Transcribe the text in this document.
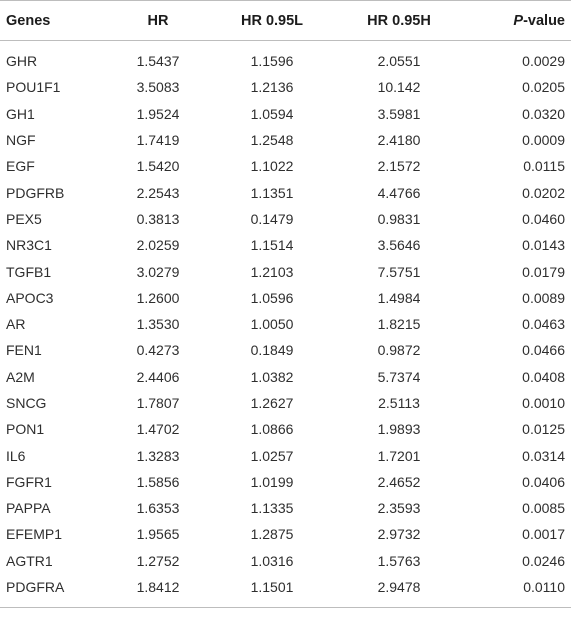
Genes	HR	HR 0.95L	HR 0.95H	P-value
GHR	1.5437	1.1596	2.0551	0.0029
POU1F1	3.5083	1.2136	10.142	0.0205
GH1	1.9524	1.0594	3.5981	0.0320
NGF	1.7419	1.2548	2.4180	0.0009
EGF	1.5420	1.1022	2.1572	0.0115
PDGFRB	2.2543	1.1351	4.4766	0.0202
PEX5	0.3813	0.1479	0.9831	0.0460
NR3C1	2.0259	1.1514	3.5646	0.0143
TGFB1	3.0279	1.2103	7.5751	0.0179
APOC3	1.2600	1.0596	1.4984	0.0089
AR	1.3530	1.0050	1.8215	0.0463
FEN1	0.4273	0.1849	0.9872	0.0466
A2M	2.4406	1.0382	5.7374	0.0408
SNCG	1.7807	1.2627	2.5113	0.0010
PON1	1.4702	1.0866	1.9893	0.0125
IL6	1.3283	1.0257	1.7201	0.0314
FGFR1	1.5856	1.0199	2.4652	0.0406
PAPPA	1.6353	1.1335	2.3593	0.0085
EFEMP1	1.9565	1.2875	2.9732	0.0017
AGTR1	1.2752	1.0316	1.5763	0.0246
PDGFRA	1.8412	1.1501	2.9478	0.0110
